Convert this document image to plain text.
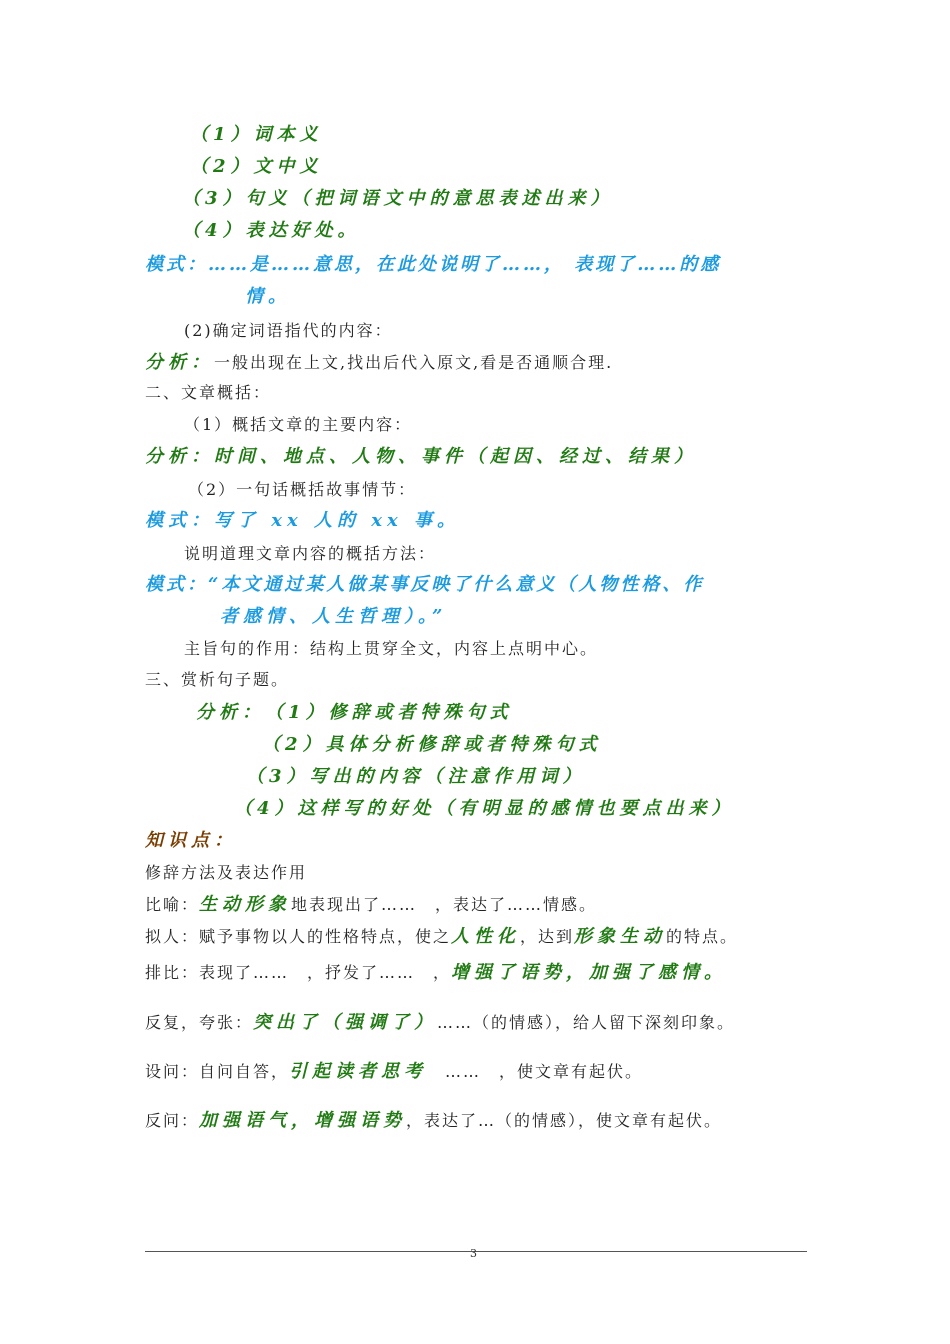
（1）词本义
（2）文中义
（3）句义（把词语文中的意思表述出来）
（4）表达好处。
模式：……是……意思，在此处说明了……， 表现了……的感
情。
(2)确定词语指代的内容：
分析：一般出现在上文,找出后代入原文,看是否通顺合理.
二、文章概括：
（1）概括文章的主要内容：
分析：时间、地点、人物、事件（起因、经过、结果）
（2）一句话概括故事情节：
模式：写了 xx 人的 xx 事。
说明道理文章内容的概括方法：
模式：“本文通过某人做某事反映了什么意义（人物性格、作
者感情、人生哲理）。”
主旨句的作用：结构上贯穿全文，内容上点明中心。
三、赏析句子题。
分析：（1）修辞或者特殊句式
（2）具体分析修辞或者特殊句式
（3）写出的内容（注意作用词）
（4）这样写的好处（有明显的感情也要点出来）
知识点：
修辞方法及表达作用
比喻：生动形象地表现出了……　，表达了……情感。
拟人：赋予事物以人的性格特点，使之人性化，达到形象生动的特点。
排比：表现了……　，抒发了……　，增强了语势，加强了感情。
反复，夸张：突出了（强调了）……（的情感），给人留下深刻印象。
设问：自问自答，引起读者思考　……　，使文章有起伏。
反问：加强语气，增强语势，表达了…（的情感），使文章有起伏。
3
